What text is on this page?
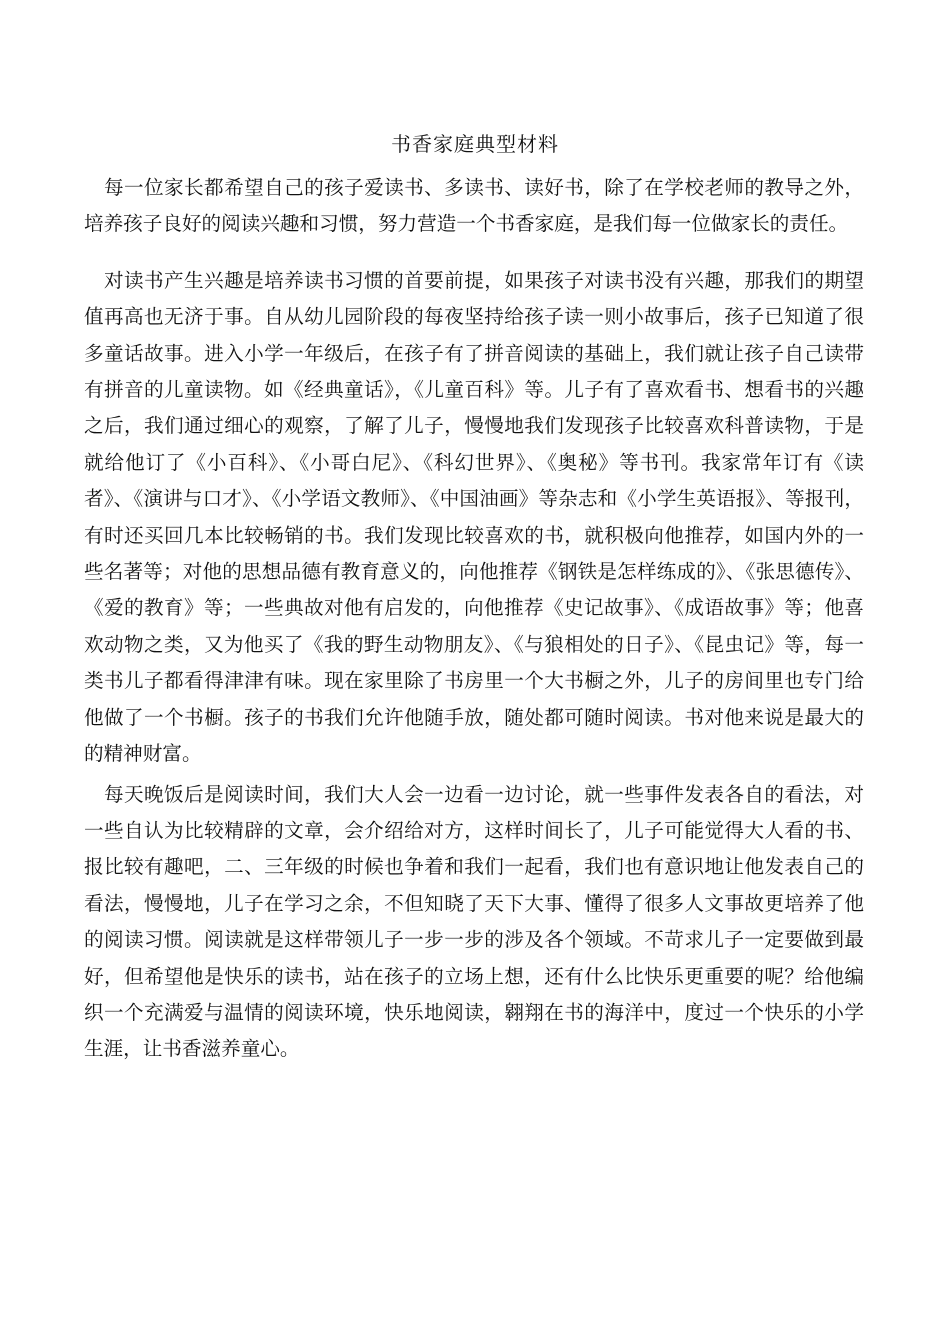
书香家庭典型材料

每一位家长都希望自己的孩子爱读书、多读书、读好书，除了在学校老师的教导之外，培养孩子良好的阅读兴趣和习惯，努力营造一个书香家庭，是我们每一位做家长的责任。

对读书产生兴趣是培养读书习惯的首要前提，如果孩子对读书没有兴趣，那我们的期望值再高也无济于事。自从幼儿园阶段的每夜坚持给孩子读一则小故事后，孩子已知道了很多童话故事。进入小学一年级后，在孩子有了拼音阅读的基础上，我们就让孩子自己读带有拼音的儿童读物。如《经典童话》，《儿童百科》等。儿子有了喜欢看书、想看书的兴趣之后，我们通过细心的观察，了解了儿子，慢慢地我们发现孩子比较喜欢科普读物，于是就给他订了《小百科》、《小哥白尼》、《科幻世界》、《奥秘》等书刊。我家常年订有《读者》、《演讲与口才》、《小学语文教师》、《中国油画》等杂志和《小学生英语报》、等报刊，有时还买回几本比较畅销的书。我们发现比较喜欢的书，就积极向他推荐，如国内外的一些名著等；对他的思想品德有教育意义的，向他推荐《钢铁是怎样练成的》、《张思德传》、《爱的教育》等；一些典故对他有启发的，向他推荐《史记故事》、《成语故事》等；他喜欢动物之类，又为他买了《我的野生动物朋友》、《与狼相处的日子》、《昆虫记》等，每一类书儿子都看得津津有味。现在家里除了书房里一个大书橱之外，儿子的房间里也专门给他做了一个书橱。孩子的书我们允许他随手放，随处都可随时阅读。书对他来说是最大的的精神财富。

每天晚饭后是阅读时间，我们大人会一边看一边讨论，就一些事件发表各自的看法，对一些自认为比较精辟的文章，会介绍给对方，这样时间长了，儿子可能觉得大人看的书、报比较有趣吧，二、三年级的时候也争着和我们一起看，我们也有意识地让他发表自己的看法，慢慢地，儿子在学习之余，不但知晓了天下大事、懂得了很多人文事故更培养了他的阅读习惯。阅读就是这样带领儿子一步一步的涉及各个领域。不苛求儿子一定要做到最好，但希望他是快乐的读书，站在孩子的立场上想，还有什么比快乐更重要的呢？给他编织一个充满爱与温情的阅读环境，快乐地阅读，翱翔在书的海洋中，度过一个快乐的小学生涯，让书香滋养童心。
